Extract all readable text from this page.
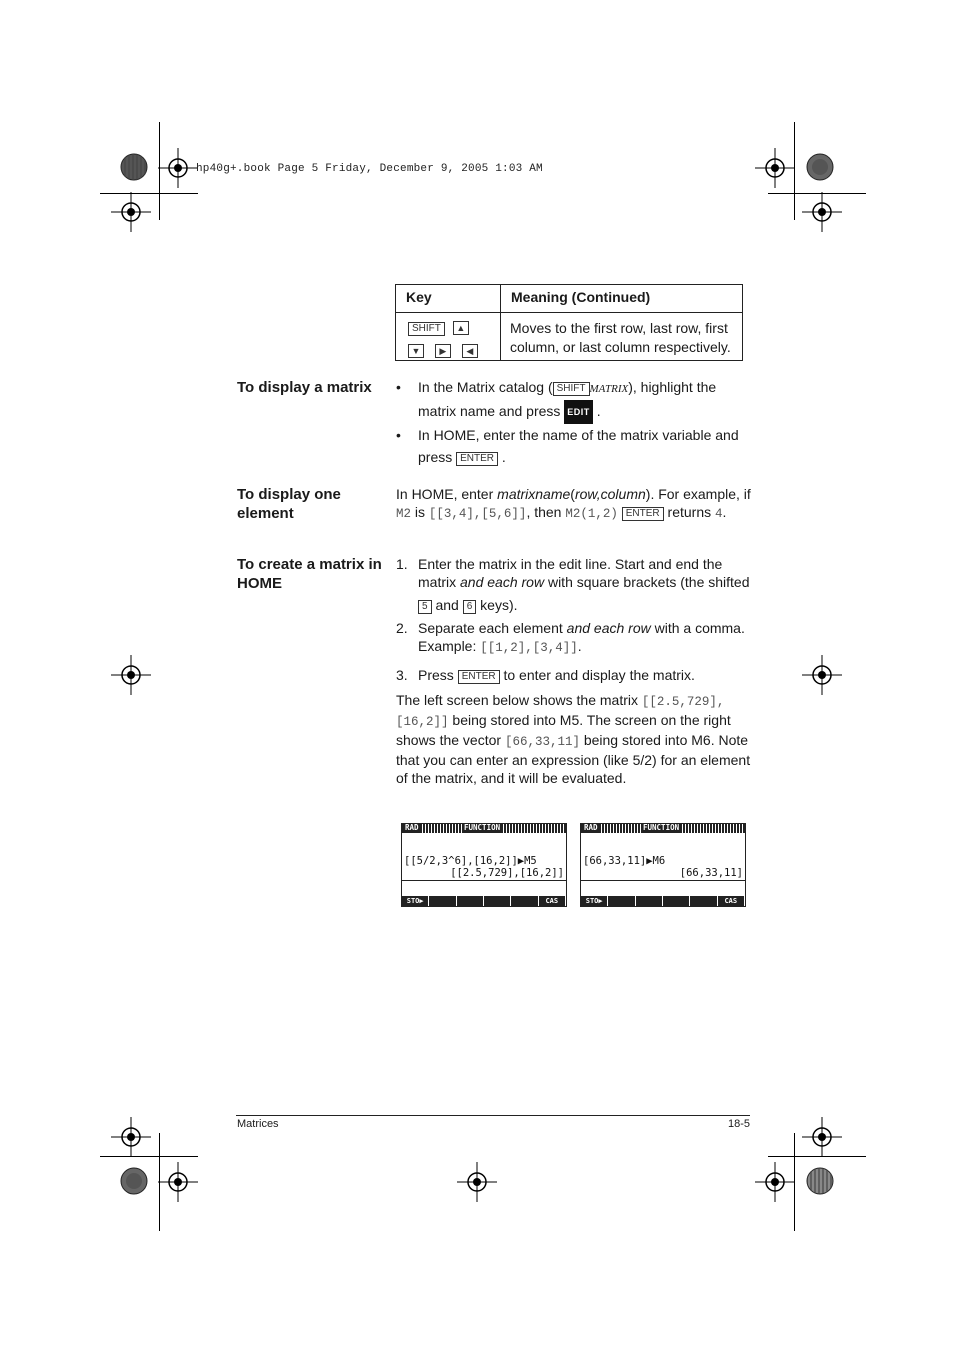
hp40g+.book Page 5 Friday, December 9, 2005 1:03 AM
Key	Meaning (Continued)
SHIFT ▲
▼ ▶ ◀	Moves to the first row, last row, first column, or last column respectively.
To display a matrix	• In the Matrix catalog ( SHIFT MATRIX), highlight the matrix name and press EDIT .
• In HOME, enter the name of the matrix variable and press ENTER .
To display one element
In HOME, enter matrixname(row,column). For example, if M2 is [[3,4],[5,6]], then M2(1,2) ENTER returns 4.
To create a matrix in HOME
1. Enter the matrix in the edit line. Start and end the matrix and each row with square brackets (the shifted
5 and 6 keys).
2. Separate each element and each row with a comma. Example: [[1,2],[3,4]].
3. Press ENTER to enter and display the matrix.
The left screen below shows the matrix [[2.5,729],[16,2]] being stored into M5. The screen on the right shows the vector [66,33,11] being stored into M6. Note that you can enter an expression (like 5/2) for an element of the matrix, and it will be evaluated.
RAD	FUNCTION
[[5/2,3^6],[16,2]]▶M5
[[2.5,729],[16,2]]
STO▶	CAS
RAD	FUNCTION
[66,33,11]▶M6
[66,33,11]
STO▶	CAS
Matrices	18-5
